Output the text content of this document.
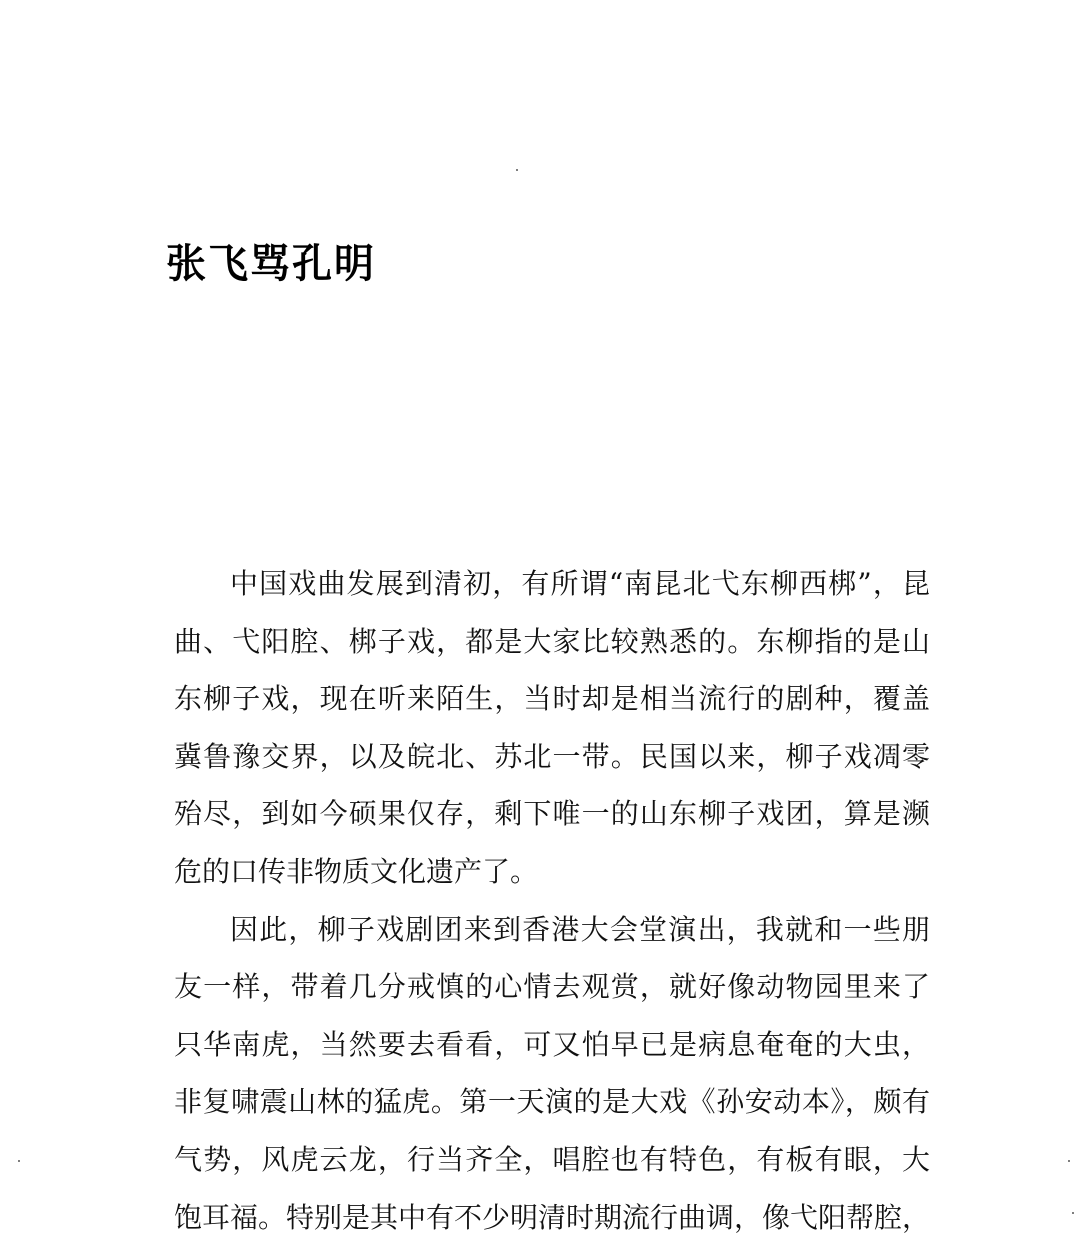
张飞骂孔明
中国戏曲发展到清初，有所谓“南昆北弋东柳西梆”，昆
曲、弋阳腔、梆子戏，都是大家比较熟悉的。东柳指的是山
东柳子戏，现在听来陌生，当时却是相当流行的剧种，覆盖
冀鲁豫交界，以及皖北、苏北一带。民国以来，柳子戏凋零
殆尽，到如今硕果仅存，剩下唯一的山东柳子戏团，算是濒
危的口传非物质文化遗产了。
因此，柳子戏剧团来到香港大会堂演出，我就和一些朋
友一样，带着几分戒慎的心情去观赏，就好像动物园里来了
只华南虎，当然要去看看，可又怕早已是病息奄奄的大虫，
非复啸震山林的猛虎。第一天演的是大戏《孙安动本》，颇有
气势，风虎云龙，行当齐全，唱腔也有特色，有板有眼，大
饱耳福。特别是其中有不少明清时期流行曲调，像弋阳帮腔，
